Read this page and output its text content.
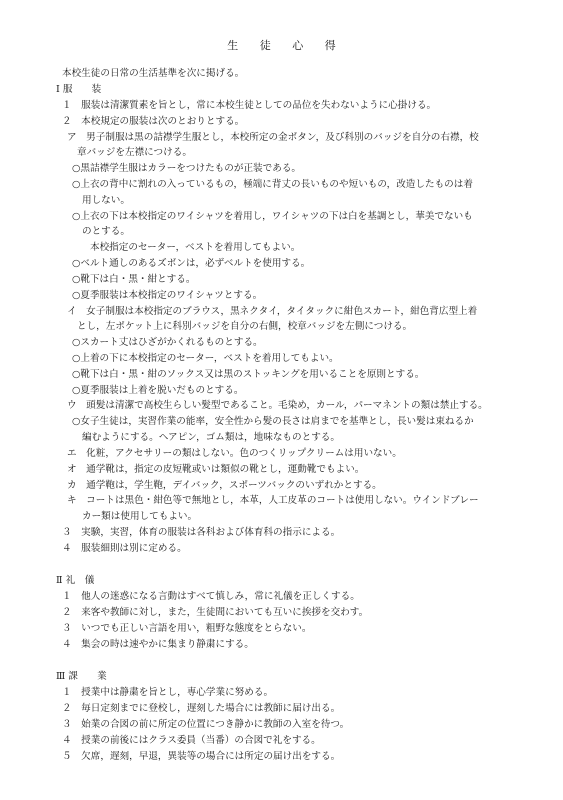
生 徒 心 得
本校生徒の日常の生活基準を次に掲げる。
Ⅰ 服　　装
１　服装は清潔質素を旨とし，常に本校生徒としての品位を失わないように心掛ける。
２　本校規定の服装は次のとおりとする。
ア　男子制服は黒の詰襟学生服とし，本校所定の金ボタン，及び科別のバッジを自分の右襟，校
章バッジを左襟につける。
○黒詰襟学生服はカラーをつけたものが正装である。
○上衣の背中に割れの入っているもの，極端に背丈の長いものや短いもの，改造したものは着
用しない。
○上衣の下は本校指定のワイシャツを着用し，ワイシャツの下は白を基調とし，華美でないも
のとする。
本校指定のセーター，ベストを着用してもよい。
○ベルト通しのあるズボンは，必ずベルトを使用する。
○靴下は白・黒・紺とする。
○夏季服装は本校指定のワイシャツとする。
イ　女子制服は本校指定のブラウス，黒ネクタイ，タイタックに紺色スカート，紺色背広型上着
とし，左ポケット上に科別バッジを自分の右側，校章バッジを左側につける。
○スカート丈はひざがかくれるものとする。
○上着の下に本校指定のセーター，ベストを着用してもよい。
○靴下は白・黒・紺のソックス又は黒のストッキングを用いることを原則とする。
○夏季服装は上着を脱いだものとする。
ウ　頭髪は清潔で高校生らしい髪型であること。毛染め，カール，パーマネントの類は禁止する。
○女子生徒は，実習作業の能率，安全性から髪の長さは肩までを基準とし，長い髪は束ねるか
編むようにする。ヘアピン，ゴム類は，地味なものとする。
エ　化粧，アクセサリーの類はしない。色のつくリップクリームは用いない。
オ　通学靴は，指定の皮短靴或いは類似の靴とし，運動靴でもよい。
カ　通学鞄は，学生鞄，デイバック，スポーツバックのいずれかとする。
キ　コートは黒色・紺色等で無地とし，本革，人工皮革のコートは使用しない。ウインドブレー
カー類は使用してもよい。
３　実験，実習，体育の服装は各科および体育科の指示による。
４　服装細則は別に定める。
Ⅱ 礼　儀
１　他人の迷惑になる言動はすべて慎しみ，常に礼儀を正しくする。
２　来客や教師に対し，また，生徒間においても互いに挨拶を交わす。
３　いつでも正しい言語を用い，粗野な態度をとらない。
４　集会の時は速やかに集まり静粛にする。
Ⅲ 課　　業
１　授業中は静粛を旨とし，専心学業に努める。
２　毎日定刻までに登校し，遅刻した場合には教師に届け出る。
３　始業の合図の前に所定の位置につき静かに教師の入室を待つ。
４　授業の前後にはクラス委員（当番）の合図で礼をする。
５　欠席，遅刻，早退，異装等の場合には所定の届け出をする。
